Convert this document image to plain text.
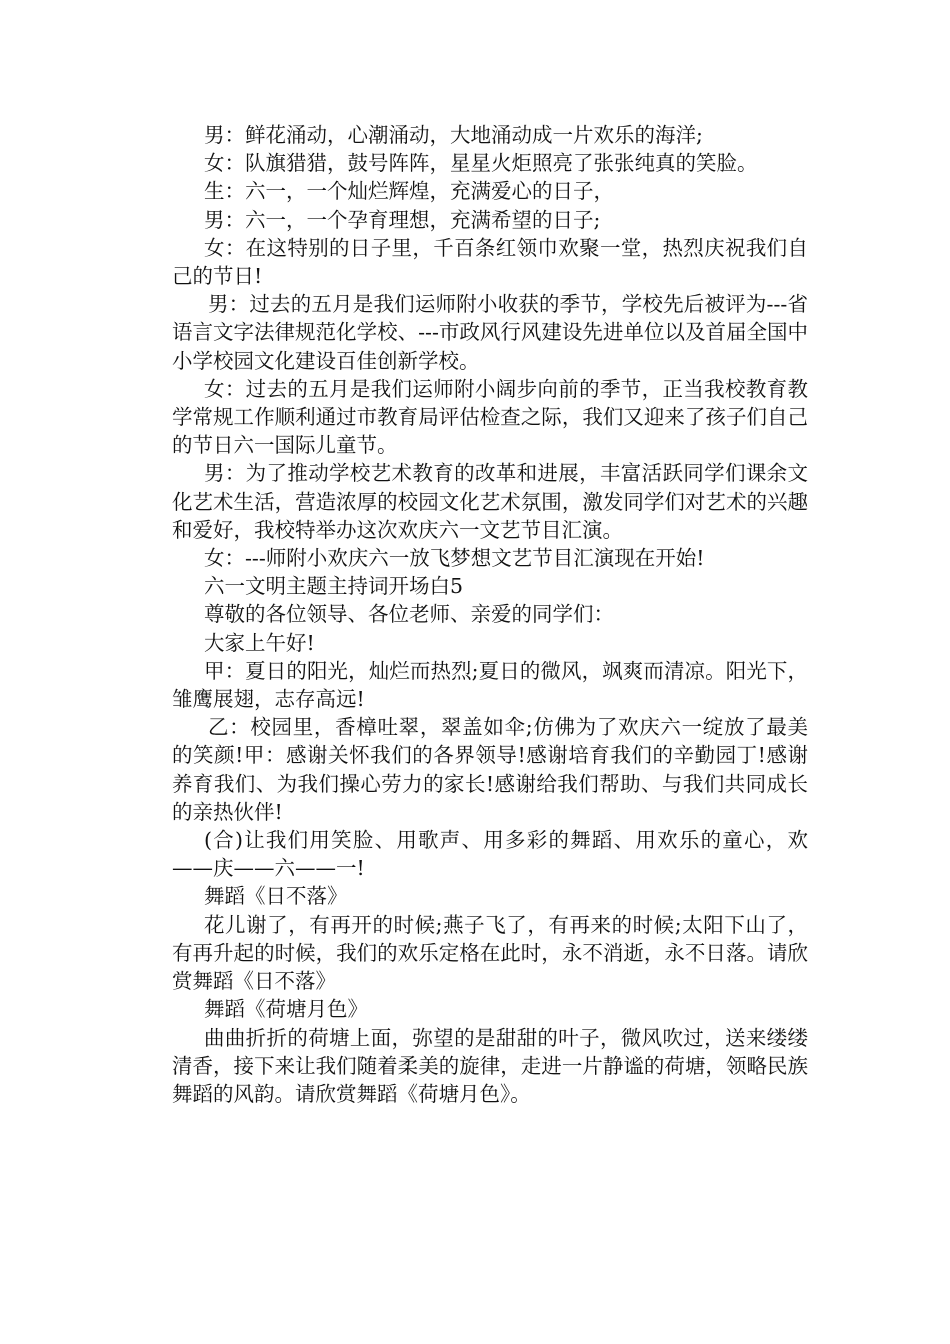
男：鲜花涌动，心潮涌动，大地涌动成一片欢乐的海洋;

女：队旗猎猎，鼓号阵阵，星星火炬照亮了张张纯真的笑脸。

生：六一，一个灿烂辉煌，充满爱心的日子，

男：六一，一个孕育理想，充满希望的日子;

女：在这特别的日子里，千百条红领巾欢聚一堂，热烈庆祝我们自己的节日!

男：过去的五月是我们运师附小收获的季节，学校先后被评为---省语言文字法律规范化学校、---市政风行风建设先进单位以及首届全国中小学校园文化建设百佳创新学校。

女：过去的五月是我们运师附小阔步向前的季节，正当我校教育教学常规工作顺利通过市教育局评估检查之际，我们又迎来了孩子们自己的节日六一国际儿童节。

男：为了推动学校艺术教育的改革和进展，丰富活跃同学们课余文化艺术生活，营造浓厚的校园文化艺术氛围，激发同学们对艺术的兴趣和爱好，我校特举办这次欢庆六一文艺节目汇演。

女：---师附小欢庆六一放飞梦想文艺节目汇演现在开始!

六一文明主题主持词开场白5

尊敬的各位领导、各位老师、亲爱的同学们：

大家上午好!

甲：夏日的阳光，灿烂而热烈;夏日的微风，飒爽而清凉。阳光下，雏鹰展翅，志存高远!

乙：校园里，香樟吐翠，翠盖如伞;仿佛为了欢庆六一绽放了最美的笑颜!甲：感谢关怀我们的各界领导!感谢培育我们的辛勤园丁!感谢养育我们、为我们操心劳力的家长!感谢给我们帮助、与我们共同成长的亲热伙伴!

(合)让我们用笑脸、用歌声、用多彩的舞蹈、用欢乐的童心，欢——庆——六——一!

舞蹈《日不落》

花儿谢了，有再开的时候;燕子飞了，有再来的时候;太阳下山了，有再升起的时候，我们的欢乐定格在此时，永不消逝，永不日落。请欣赏舞蹈《日不落》

舞蹈《荷塘月色》

曲曲折折的荷塘上面，弥望的是甜甜的叶子，微风吹过，送来缕缕清香，接下来让我们随着柔美的旋律，走进一片静谧的荷塘，领略民族舞蹈的风韵。请欣赏舞蹈《荷塘月色》。
